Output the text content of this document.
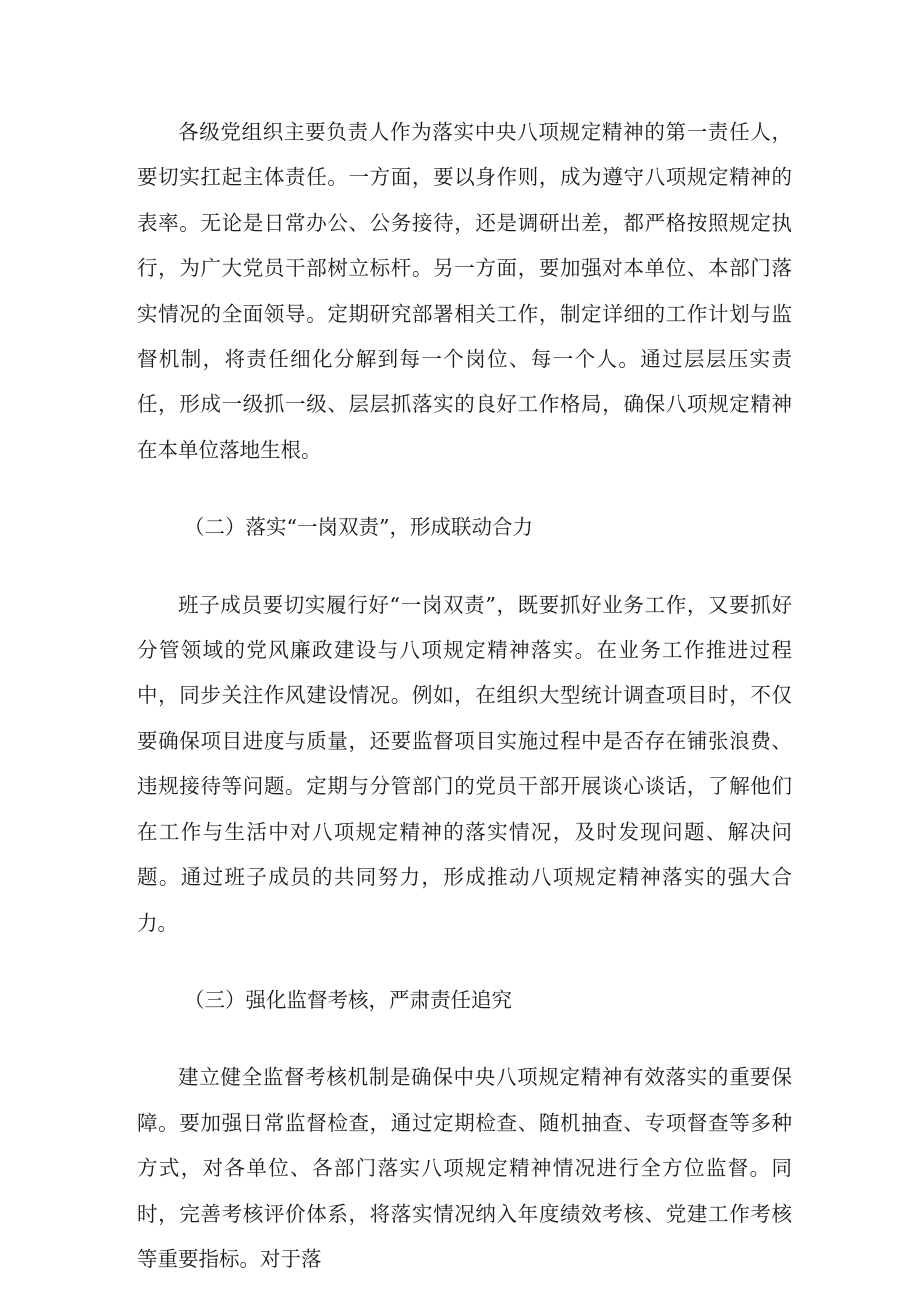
各级党组织主要负责人作为落实中央八项规定精神的第一责任人，要切实扛起主体责任。一方面，要以身作则，成为遵守八项规定精神的表率。无论是日常办公、公务接待，还是调研出差，都严格按照规定执行，为广大党员干部树立标杆。另一方面，要加强对本单位、本部门落实情况的全面领导。定期研究部署相关工作，制定详细的工作计划与监督机制，将责任细化分解到每一个岗位、每一个人。通过层层压实责任，形成一级抓一级、层层抓落实的良好工作格局，确保八项规定精神在本单位落地生根。

（二）落实“一岗双责”，形成联动合力

班子成员要切实履行好“一岗双责”，既要抓好业务工作，又要抓好分管领域的党风廉政建设与八项规定精神落实。在业务工作推进过程中，同步关注作风建设情况。例如，在组织大型统计调查项目时，不仅要确保项目进度与质量，还要监督项目实施过程中是否存在铺张浪费、违规接待等问题。定期与分管部门的党员干部开展谈心谈话，了解他们在工作与生活中对八项规定精神的落实情况，及时发现问题、解决问题。通过班子成员的共同努力，形成推动八项规定精神落实的强大合力。

（三）强化监督考核，严肃责任追究

建立健全监督考核机制是确保中央八项规定精神有效落实的重要保障。要加强日常监督检查，通过定期检查、随机抽查、专项督查等多种方式，对各单位、各部门落实八项规定精神情况进行全方位监督。同时，完善考核评价体系，将落实情况纳入年度绩效考核、党建工作考核等重要指标。对于落
